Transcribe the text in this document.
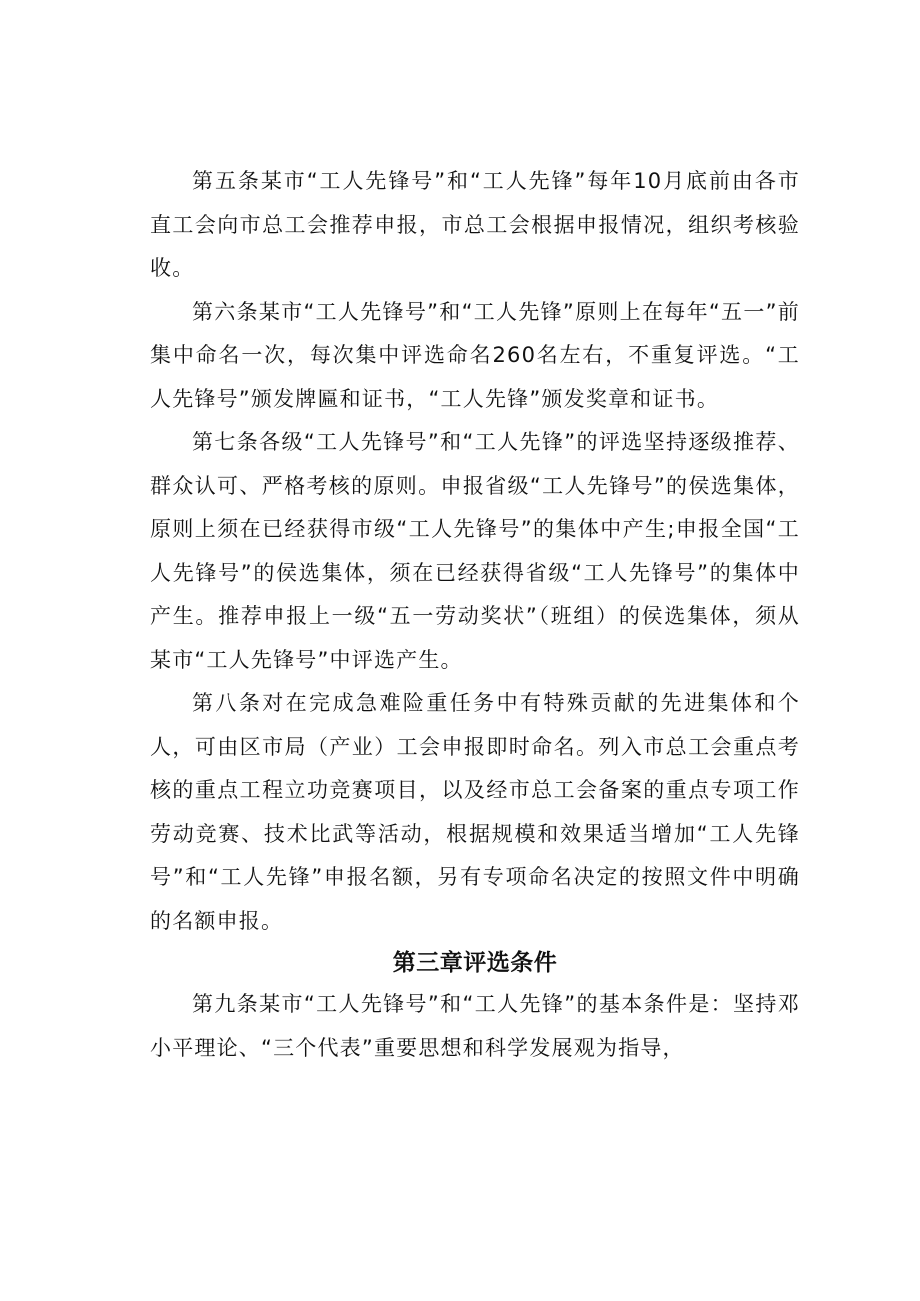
第五条某市“工人先锋号”和“工人先锋”每年10月底前由各市直工会向市总工会推荐申报，市总工会根据申报情况，组织考核验收。

第六条某市“工人先锋号”和“工人先锋”原则上在每年“五一”前集中命名一次，每次集中评选命名260名左右，不重复评选。“工人先锋号”颁发牌匾和证书，“工人先锋”颁发奖章和证书。

第七条各级“工人先锋号”和“工人先锋”的评选坚持逐级推荐、群众认可、严格考核的原则。申报省级“工人先锋号”的侯选集体，原则上须在已经获得市级“工人先锋号”的集体中产生;申报全国“工人先锋号”的侯选集体，须在已经获得省级“工人先锋号”的集体中产生。推荐申报上一级“五一劳动奖状”（班组）的侯选集体，须从某市“工人先锋号”中评选产生。

第八条对在完成急难险重任务中有特殊贡献的先进集体和个人，可由区市局（产业）工会申报即时命名。列入市总工会重点考核的重点工程立功竞赛项目，以及经市总工会备案的重点专项工作劳动竞赛、技术比武等活动，根据规模和效果适当增加“工人先锋号”和“工人先锋”申报名额，另有专项命名决定的按照文件中明确的名额申报。

第三章评选条件

第九条某市“工人先锋号”和“工人先锋”的基本条件是：坚持邓小平理论、“三个代表”重要思想和科学发展观为指导，
